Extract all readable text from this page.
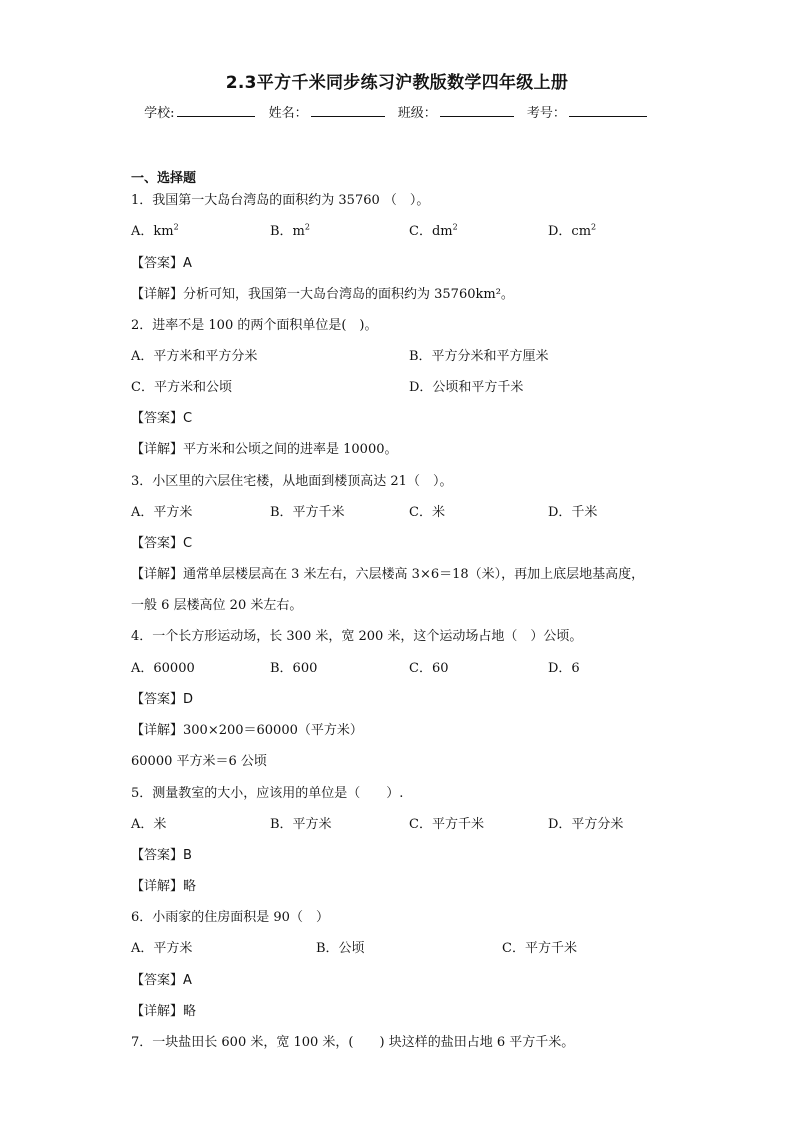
2.3平方千米同步练习沪教版数学四年级上册
学校:	姓名：	班级：	考号：
一、选择题
1．我国第一大岛台湾岛的面积约为 35760 （　）。
A．$km^2$	B．$m^2$	C．$dm^2$	D．$cm^2$
【答案】A
【详解】分析可知，我国第一大岛台湾岛的面积约为 35760km²。
2．进率不是 100 的两个面积单位是(　)。
A．平方米和平方分米	B．平方分米和平方厘米
C．平方米和公顷	D．公顷和平方千米
【答案】C
【详解】平方米和公顷之间的进率是 10000。
3．小区里的六层住宅楼，从地面到楼顶高达 21（　）。
A．平方米	B．平方千米	C．米	D．千米
【答案】C
【详解】通常单层楼层高在 3 米左右，六层楼高 3×6＝18（米），再加上底层地基高度，
一般 6 层楼高位 20 米左右。
4．一个长方形运动场，长 300 米，宽 200 米，这个运动场占地（　）公顷。
A．60000	B．600	C．60	D．6
【答案】D
【详解】300×200＝60000（平方米）
60000 平方米＝6 公顷
5．测量教室的大小，应该用的单位是（　　）.
A．米	B．平方米	C．平方千米	D．平方分米
【答案】B
【详解】略
6．小雨家的住房面积是 90（　）
A．平方米	B．公顷	C．平方千米
【答案】A
【详解】略
7．一块盐田长 600 米，宽 100 米，(　　) 块这样的盐田占地 6 平方千米。
